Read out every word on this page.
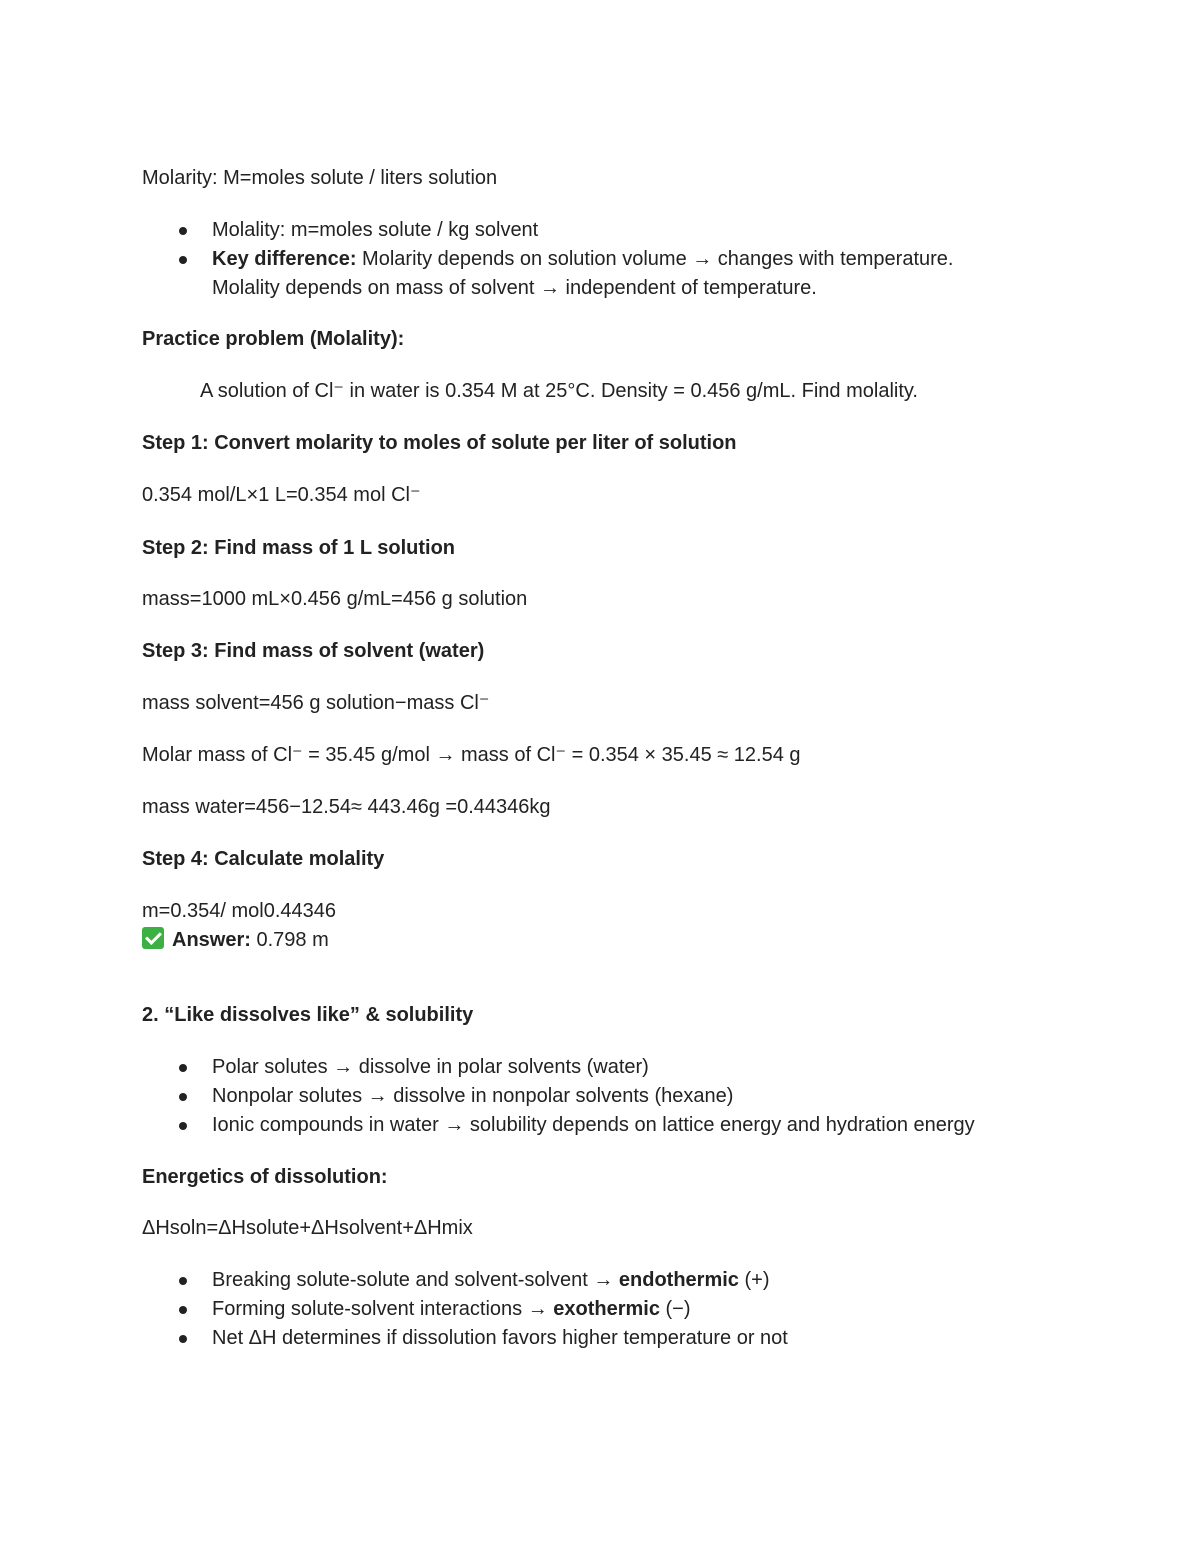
Molarity: M=moles solute / liters solution
Molality: m=moles solute / kg solvent
Key difference: Molarity depends on solution volume → changes with temperature.
Molality depends on mass of solvent → independent of temperature.
Practice problem (Molality):
A solution of Cl⁻ in water is 0.354 M at 25°C. Density = 0.456 g/mL. Find molality.
Step 1: Convert molarity to moles of solute per liter of solution
0.354 mol/L×1 L=0.354 mol Cl⁻
Step 2: Find mass of 1 L solution
mass=1000 mL×0.456 g/mL=456 g solution
Step 3: Find mass of solvent (water)
mass solvent=456 g solution−mass Cl⁻
Molar mass of Cl⁻ = 35.45 g/mol → mass of Cl⁻ = 0.354 × 35.45 ≈ 12.54 g
mass water=456−12.54≈ 443.46g =0.44346kg
Step 4: Calculate molality
m=0.354/ mol0.44346
Answer: 0.798 m
2. “Like dissolves like” & solubility
Polar solutes → dissolve in polar solvents (water)
Nonpolar solutes → dissolve in nonpolar solvents (hexane)
Ionic compounds in water → solubility depends on lattice energy and hydration energy
Energetics of dissolution:
ΔHsoln=ΔHsolute+ΔHsolvent+ΔHmix
Breaking solute-solute and solvent-solvent → endothermic (+)
Forming solute-solvent interactions → exothermic (−)
Net ΔH determines if dissolution favors higher temperature or not
